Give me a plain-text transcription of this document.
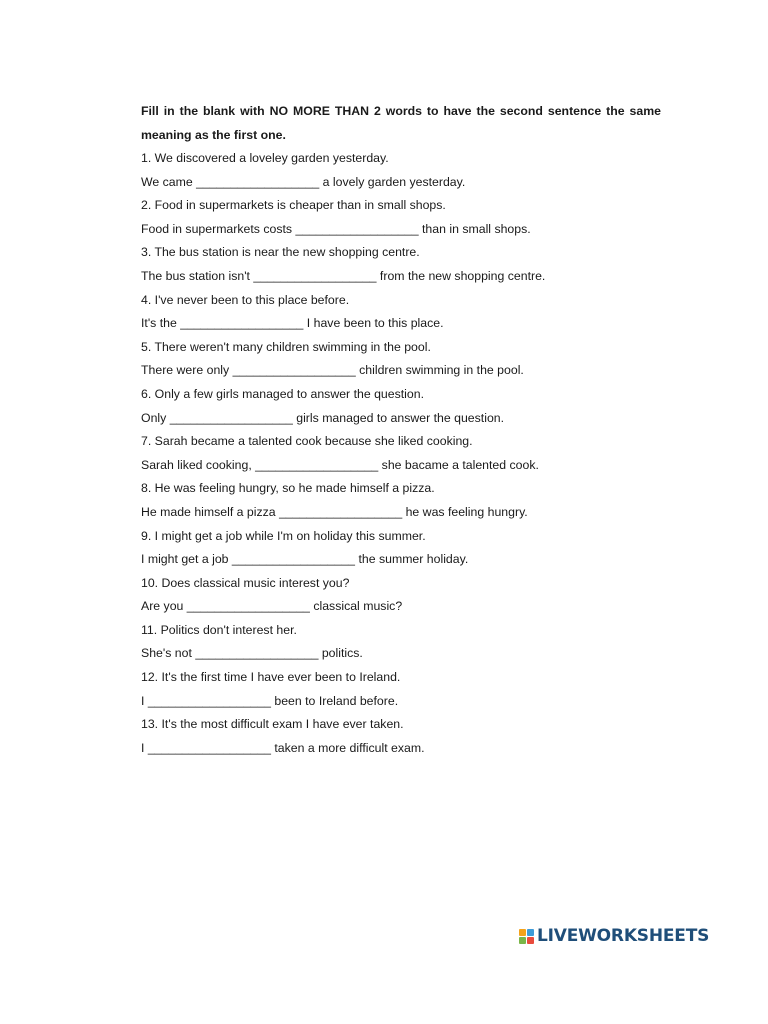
Fill in the blank with NO MORE THAN 2 words to have the second sentence the same meaning as the first one.

1. We discovered a loveley garden yesterday.
We came __________________ a lovely garden yesterday.
2. Food in supermarkets is cheaper than in small shops.
Food in supermarkets costs __________________ than in small shops.
3. The bus station is near the new shopping centre.
The bus station isn't __________________ from the new shopping centre.
4. I've never been to this place before.
It's the __________________ I have been to this place.
5. There weren't many children swimming in the pool.
There were only __________________ children swimming in the pool.
6. Only a few girls managed to answer the question.
Only __________________ girls managed to answer the question.
7. Sarah became a talented cook because she liked cooking.
Sarah liked cooking, __________________ she bacame a talented cook.
8. He was feeling hungry, so he made himself a pizza.
He made himself a pizza __________________ he was feeling hungry.
9. I might get a job while I'm on holiday this summer.
I might get a job __________________ the summer holiday.
10. Does classical music interest you?
Are you __________________ classical music?
11. Politics don't interest her.
She's not __________________ politics.
12. It's the first time I have ever been to Ireland.
I __________________ been to Ireland before.
13. It's the most difficult exam I have ever taken.
I __________________ taken a more difficult exam.
LIVEWORKSHEETS
